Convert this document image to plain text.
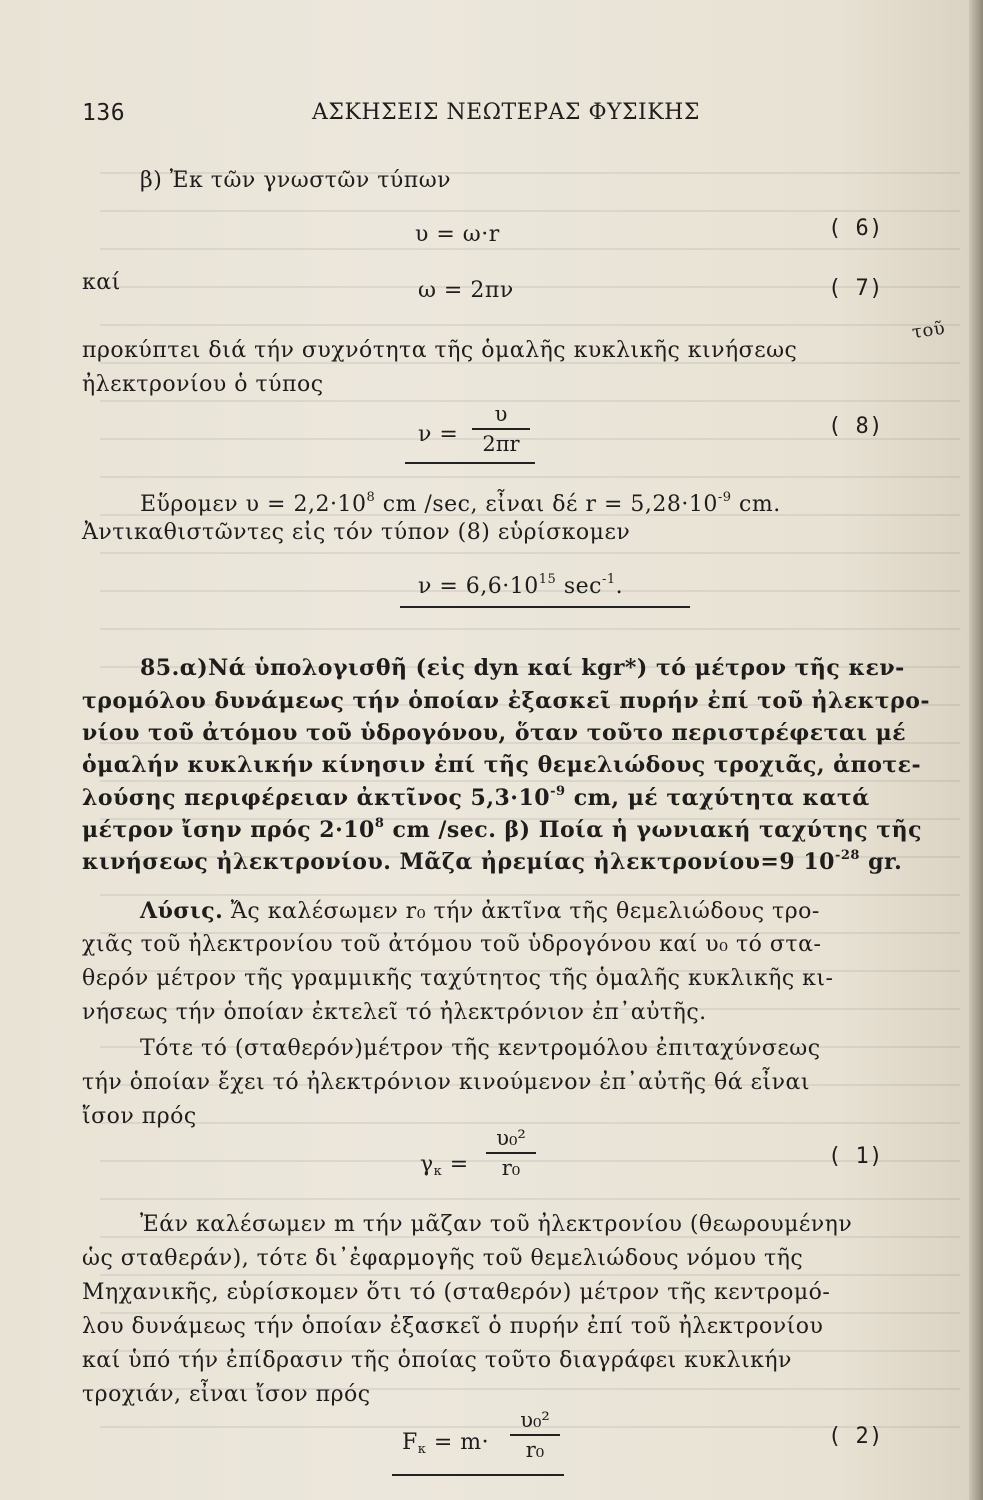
136	ΑΣΚΗΣΕΙΣ ΝΕΩΤΕΡΑΣ ΦΥΣΙΚΗΣ
β) Ἐκ τῶν γνωστῶν τύπων
υ = ω·r	( 6)
καί	ω = 2πν	( 7)
προκύπτει διά τήν συχνότητα τῆς ὁμαλῆς κυκλικῆς κινήσεως
τοῦ
ἠλεκτρονίου ὁ τύπος
ν =
υ
2πr
( 8)
Εὕρομεν $\upsilon = 2,2\cdot 10^8$ cm /sec, εἶναι δέ $r = 5,28\cdot 10^{-9}$ cm.
Ἀντικαθιστῶντες εἰς τόν τύπον (8) εὑρίσκομεν
$\nu = 6,6\cdot 10^{15}$ $\sec^{-1}$.
85.α)Νά ὑπολογισθῆ (εἰς dyn καί kgr*) τό μέτρον τῆς κεν-
τρομόλου δυνάμεως τήν ὁποίαν ἐξασκεῖ πυρήν ἐπί τοῦ ἠλεκτρο-
νίου τοῦ ἀτόμου τοῦ ὑδρογόνου, ὅταν τοῦτο περιστρέφεται μέ
ὁμαλήν κυκλικήν κίνησιν ἐπί τῆς θεμελιώδους τροχιᾶς, ἀποτε-
λούσης περιφέρειαν ἀκτῖνος $5,3\cdot 10^{-9}$ cm, μέ ταχύτητα κατά
μέτρον ἴσην πρός $2\cdot 10^8$ cm /sec. β) Ποία ἡ γωνιακή ταχύτης τῆς
κινήσεως ἠλεκτρονίου. Μᾶζα ἠρεμίας ἠλεκτρονίου=9 $10^{-28}$ gr.
Λύσις. Ἄς καλέσωμεν r₀ τήν ἀκτῖνα τῆς θεμελιώδους τρο-
χιᾶς τοῦ ἠλεκτρονίου τοῦ ἀτόμου τοῦ ὑδρογόνου καί υ₀ τό στα-
θερόν μέτρον τῆς γραμμικῆς ταχύτητος τῆς ὁμαλῆς κυκλικῆς κι-
νήσεως τήν ὁποίαν ἐκτελεῖ τό ἠλεκτρόνιον ἐπ᾿αὐτῆς.
Τότε τό (σταθερόν)μέτρον τῆς κεντρομόλου ἐπιταχύνσεως
τήν ὁποίαν ἔχει τό ἠλεκτρόνιον κινούμενον ἐπ᾿αὐτῆς θά εἶναι
ἴσον πρός
$\gamma_\kappa$ =
υ₀²
r₀	( 1)
Ἐάν καλέσωμεν m τήν μᾶζαν τοῦ ἠλεκτρονίου (θεωρουμένην
ὡς σταθεράν), τότε δι᾿ἐφαρμογῆς τοῦ θεμελιώδους νόμου τῆς
Μηχανικῆς, εὑρίσκομεν ὅτι τό (σταθερόν) μέτρον τῆς κεντρομό-
λου δυνάμεως τήν ὁποίαν ἐξασκεῖ ὁ πυρήν ἐπί τοῦ ἠλεκτρονίου
καί ὑπό τήν ἐπίδρασιν τῆς ὁποίας τοῦτο διαγράφει κυκλικήν
τροχιάν, εἶναι ἴσον πρός
$F_\kappa = m\cdot$
υ₀²
r₀
( 2)
